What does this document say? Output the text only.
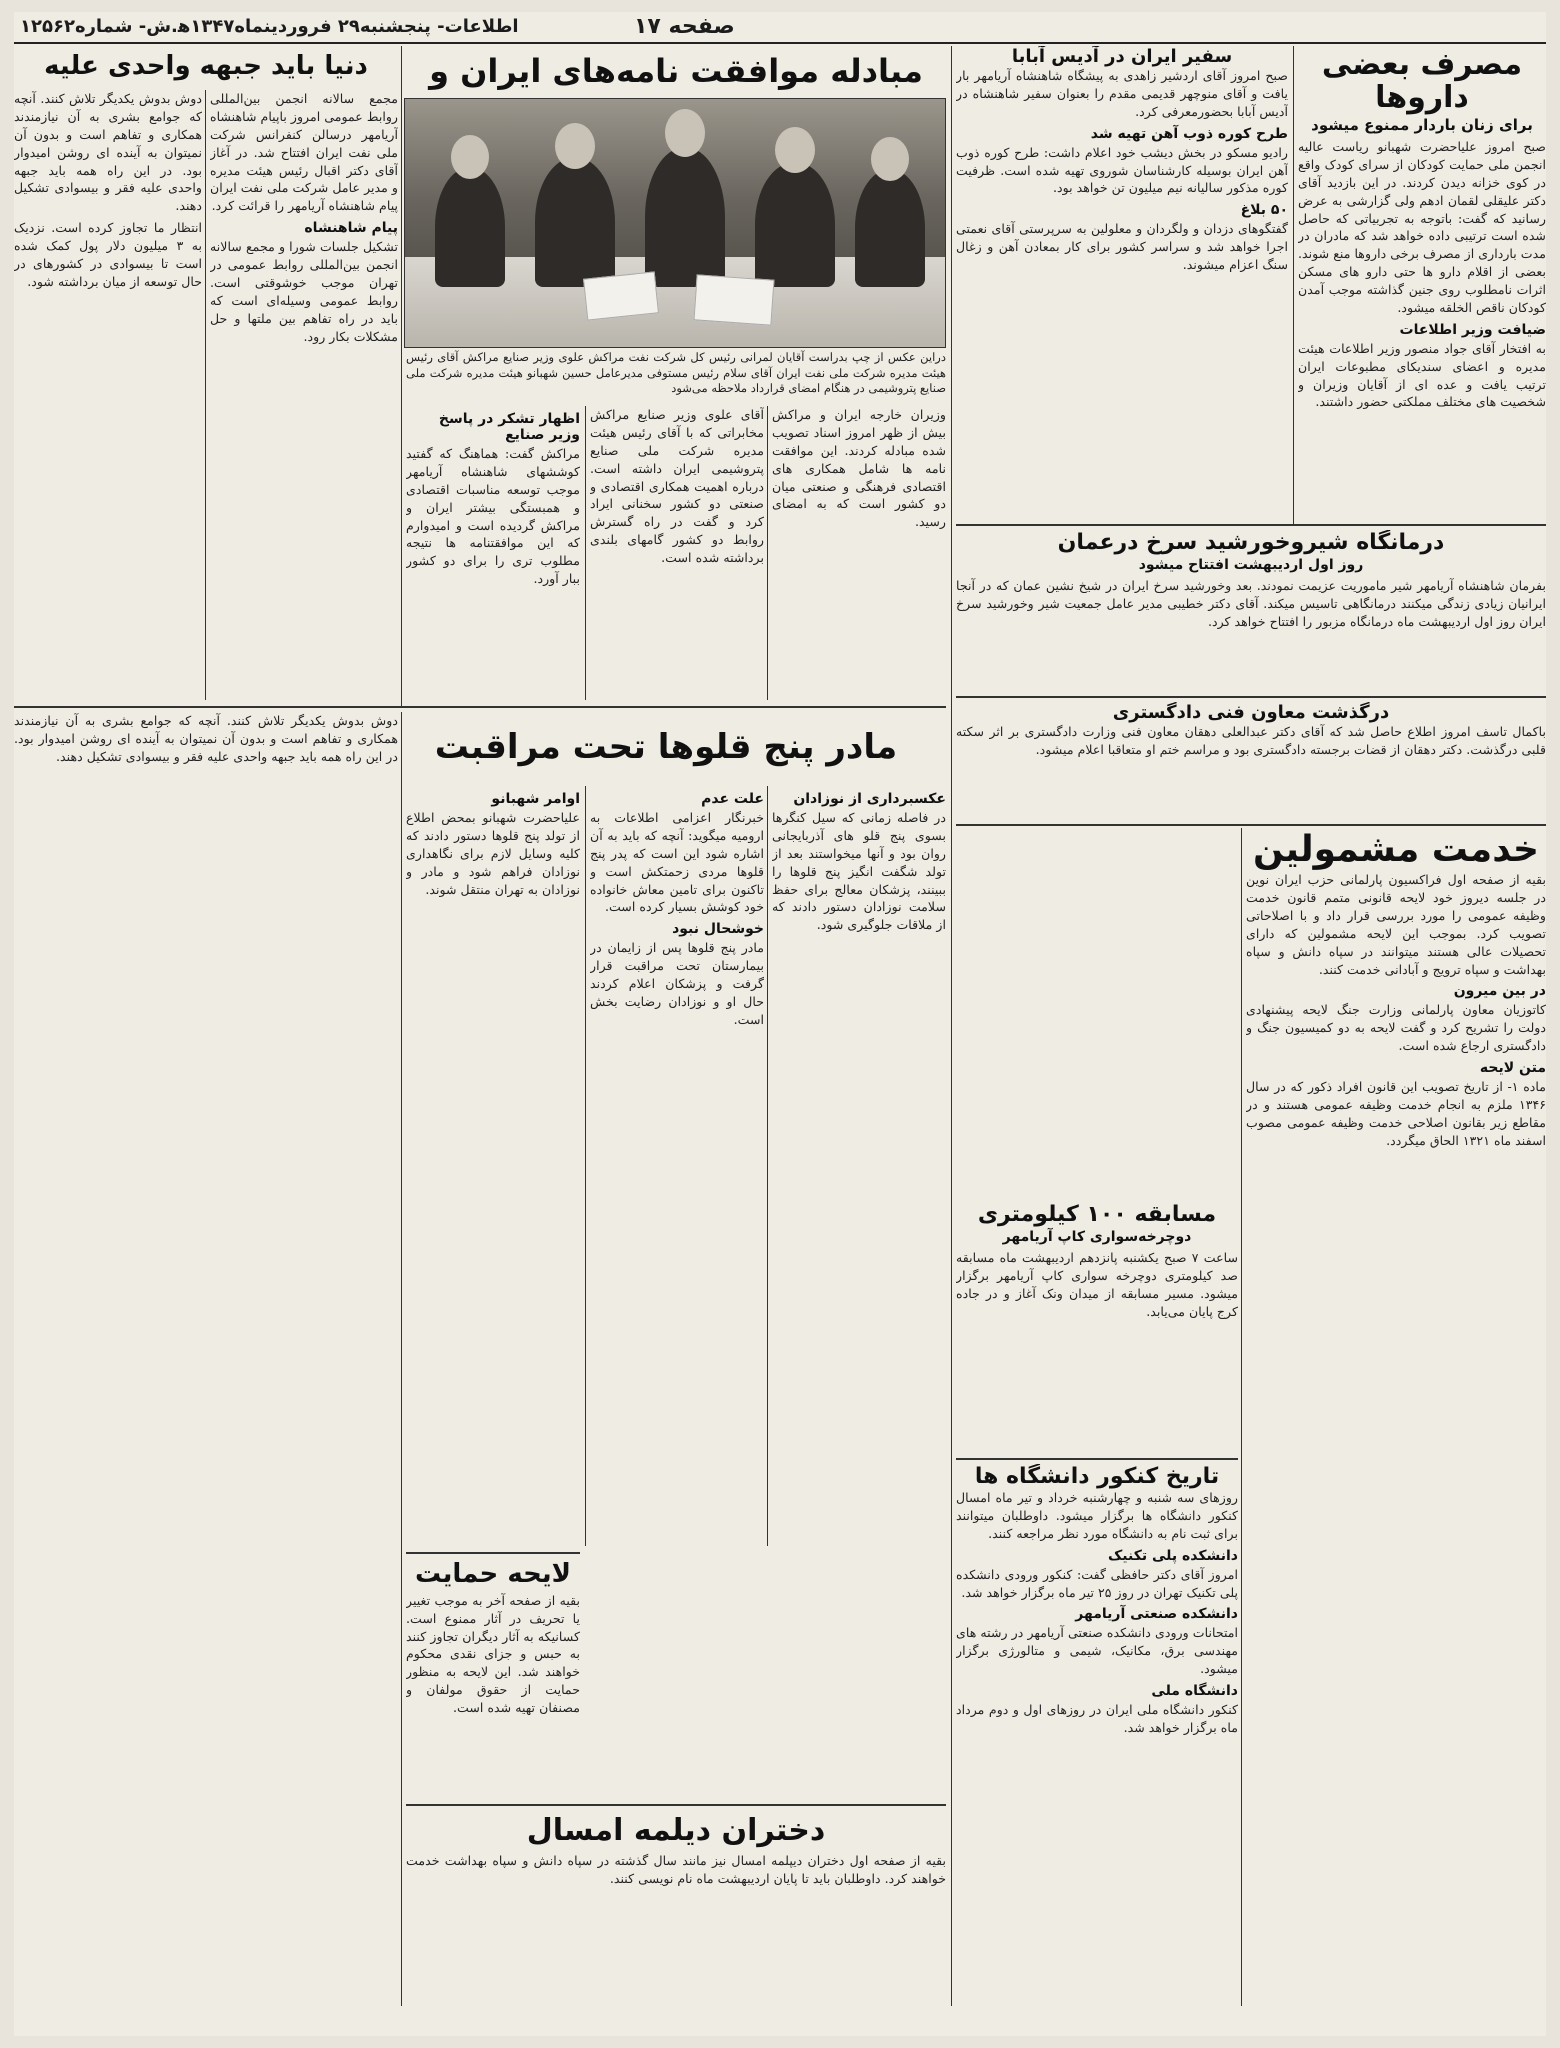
صفحه ۱۷
اطلاعات- پنجشنبه۲۹ فروردینماه۱۳۴۷ه‍.ش- شماره۱۲۵۶۲
مصرف بعضی داروها
برای زنان باردار ممنوع میشود

صبح امروز علیاحضرت شهبانو ریاست عالیه انجمن ملی حمایت کودکان از سرای کودک واقع در کوی خزانه دیدن کردند. در این بازدید آقای دکتر علیقلی لقمان ادهم ولی گزارشی به عرض رسانید که گفت: باتوجه به تجربیاتی که حاصل شده است ترتیبی داده خواهد شد که مادران در مدت بارداری از مصرف برخی داروها منع شوند. بعضی از اقلام دارو ها حتی دارو های مسکن اثرات نامطلوب روی جنین گذاشته موجب آمدن کودکان ناقص الخلقه میشود.

ضیافت وزیر اطلاعات

به افتخار آقای جواد منصور وزیر اطلاعات هیئت مدیره و اعضای سندیکای مطبوعات ایران ترتیب یافت و عده ای از آقایان وزیران و شخصیت های مختلف مملکتی حضور داشتند.

درمانگاه شیروخورشید سرخ درعمان
روز اول اردیبهشت افتتاح میشود

بفرمان شاهنشاه آریامهر شیر ماموریت عزیمت نمودند. بعد وخورشید سرخ ایران در شیخ نشین عمان که در آنجا ایرانیان زیادی زندگی میکنند درمانگاهی تاسیس میکند. آقای دکتر خطیبی مدیر عامل جمعیت شیر وخورشید سرخ ایران روز اول اردیبهشت ماه درمانگاه مزبور را افتتاح خواهد کرد.

درگذشت معاون فنی دادگستری

باکمال تاسف امروز اطلاع حاصل شد که آقای دکتر عبدالعلی دهقان معاون فنی وزارت دادگستری بر اثر سکته قلبی درگذشت. دکتر دهقان از قضات برجسته دادگستری بود و مراسم ختم او متعاقبا اعلام میشود.

خدمت مشمولین

بقیه از صفحه اول فراکسیون پارلمانی حزب ایران نوین در جلسه دیروز خود لایحه قانونی متمم قانون خدمت وظیفه عمومی را مورد بررسی قرار داد و با اصلاحاتی تصویب کرد. بموجب این لایحه مشمولین که دارای تحصیلات عالی هستند میتوانند در سپاه دانش و سپاه بهداشت و سپاه ترویج و آبادانی خدمت کنند.

در بین میرون

کاتوزیان معاون پارلمانی وزارت جنگ لایحه پیشنهادی دولت را تشریح کرد و گفت لایحه به دو کمیسیون جنگ و دادگستری ارجاع شده است.

متن لایحه

ماده ۱- از تاریخ تصویب این قانون افراد ذکور که در سال ۱۳۴۶ ملزم به انجام خدمت وظیفه عمومی هستند و در مقاطع زیر بقانون اصلاحی خدمت وظیفه عمومی مصوب اسفند ماه ۱۳۲۱ الحاق میگردد.

سفیر ایران در آدیس آبابا

صبح امروز آقای اردشیر زاهدی به پیشگاه شاهنشاه آریامهر بار یافت و آقای منوچهر قدیمی مقدم را بعنوان سفیر شاهنشاه در آدیس آبابا بحضورمعرفی کرد.

طرح کوره ذوب آهن تهیه شد

رادیو مسکو در بخش دیشب خود اعلام داشت: طرح کوره ذوب آهن ایران بوسیله کارشناسان شوروی تهیه شده است. ظرفیت کوره مذکور سالیانه نیم میلیون تن خواهد بود.

۵۰ بلاغ

گفتگوهای دزدان و ولگردان و معلولین به سرپرستی آقای نعمتی اجرا خواهد شد و سراسر کشور برای کار بمعادن آهن و زغال سنگ اعزام میشوند.

مبادله موافقت نامه‌های ایران و

دراین عکس از چپ بدراست آقایان لمرانی رئیس کل شرکت نفت مراکش علوی وزیر صنایع مراکش آقای رئیس هیئت مدیره شرکت ملی نفت ایران آقای سلام رئیس مستوفی مدیرعامل حسین شهبانو هیئت مدیره شرکت ملی صنایع پتروشیمی در هنگام امضای قرارداد ملاحظه می‌شود

وزیران خارجه ایران و مراکش بیش از ظهر امروز اسناد تصویب شده مبادله کردند. این موافقت نامه ها شامل همکاری های اقتصادی فرهنگی و صنعتی میان دو کشور است که به امضای رسید.

آقای علوی وزیر صنایع مراکش مخابراتی که با آقای رئیس هیئت مدیره شرکت ملی صنایع پتروشیمی ایران داشته است. درباره اهمیت همکاری اقتصادی و صنعتی دو کشور سخنانی ایراد کرد و گفت در راه گسترش روابط دو کشور گامهای بلندی برداشته شده است.

اظهار تشکر در پاسخ وزیر صنایع

مراکش گفت: هماهنگ که گفتید کوششهای شاهنشاه آریامهر موجب توسعه مناسبات اقتصادی و همبستگی بیشتر ایران و مراکش گردیده است و امیدوارم که این موافقتنامه ها نتیجه مطلوب تری را برای دو کشور ببار آورد.

دنیا باید جبهه واحدی علیه

مجمع سالانه انجمن بین‌المللی روابط عمومی امروز باپیام شاهنشاه آریامهر درسالن کنفرانس شرکت ملی نفت ایران افتتاح شد. در آغاز آقای دکتر اقبال رئیس هیئت مدیره و مدیر عامل شرکت ملی نفت ایران پیام شاهنشاه آریامهر را قرائت کرد.

پیام شاهنشاه

تشکیل جلسات شورا و مجمع سالانه انجمن بین‌المللی روابط عمومی در تهران موجب خوشوقتی است. روابط عمومی وسیله‌ای است که باید در راه تفاهم بین ملتها و حل مشکلات بکار رود.

دوش بدوش یکدیگر تلاش کنند. آنچه که جوامع بشری به آن نیازمندند همکاری و تفاهم است و بدون آن نمیتوان به آینده ای روشن امیدوار بود. در این راه همه باید جبهه واحدی علیه فقر و بیسوادی تشکیل دهند.

انتظار ما تجاوز کرده است. نزدیک به ۳ میلیون دلار پول کمک شده است تا بیسوادی در کشورهای در حال توسعه از میان برداشته شود.

مادر پنج قلوها تحت مراقبت
عکسبرداری از نوزادان

در فاصله زمانی که سیل کنگرها بسوی پنج قلو های آذربایجانی روان بود و آنها میخواستند بعد از تولد شگفت انگیز پنج قلوها را ببینند، پزشکان معالج برای حفظ سلامت نوزادان دستور دادند که از ملاقات جلوگیری شود.

علت عدم

خبرنگار اعزامی اطلاعات به ارومیه میگوید: آنچه که باید به آن اشاره شود این است که پدر پنج قلوها مردی زحمتکش است و تاکنون برای تامین معاش خانواده خود کوشش بسیار کرده است.

خوشحال نبود

مادر پنج قلوها پس از زایمان در بیمارستان تحت مراقبت قرار گرفت و پزشکان اعلام کردند حال او و نوزادان رضایت بخش است.

اوامر شهبانو

علیاحضرت شهبانو بمحض اطلاع از تولد پنج قلوها دستور دادند که کلیه وسایل لازم برای نگاهداری نوزادان فراهم شود و مادر و نوزادان به تهران منتقل شوند.

دوش بدوش یکدیگر تلاش کنند. آنچه که جوامع بشری به آن نیازمندند همکاری و تفاهم است و بدون آن نمیتوان به آینده ای روشن امیدوار بود. در این راه همه باید جبهه واحدی علیه فقر و بیسوادی تشکیل دهند.

لایحه حمایت

بقیه از صفحه آخر به موجب تغییر یا تحریف در آثار ممنوع است. کسانیکه به آثار دیگران تجاوز کنند به حبس و جزای نقدی محکوم خواهند شد. این لایحه به منظور حمایت از حقوق مولفان و مصنفان تهیه شده است.

دختران دیلمه امسال

بقیه از صفحه اول دختران دیپلمه امسال نیز مانند سال گذشته در سپاه دانش و سپاه بهداشت خدمت خواهند کرد. داوطلبان باید تا پایان اردیبهشت ماه نام نویسی کنند.

مسابقه ۱۰۰ کیلومتری
دوچرخه‌سواری کاپ آریامهر

ساعت ۷ صبح یکشنبه پانزدهم اردیبهشت ماه مسابقه صد کیلومتری دوچرخه سواری کاپ آریامهر برگزار میشود. مسیر مسابقه از میدان ونک آغاز و در جاده کرج پایان می‌یابد.

تاریخ کنکور دانشگاه ها

روزهای سه شنبه و چهارشنبه خرداد و تیر ماه امسال کنکور دانشگاه ها برگزار میشود. داوطلبان میتوانند برای ثبت نام به دانشگاه مورد نظر مراجعه کنند.

دانشکده پلی تکنیک

امروز آقای دکتر حافظی گفت: کنکور ورودی دانشکده پلی تکنیک تهران در روز ۲۵ تیر ماه برگزار خواهد شد.

دانشکده صنعتی آریامهر

امتحانات ورودی دانشکده صنعتی آریامهر در رشته های مهندسی برق، مکانیک، شیمی و متالورژی برگزار میشود.

دانشگاه ملی

کنکور دانشگاه ملی ایران در روزهای اول و دوم مرداد ماه برگزار خواهد شد.
